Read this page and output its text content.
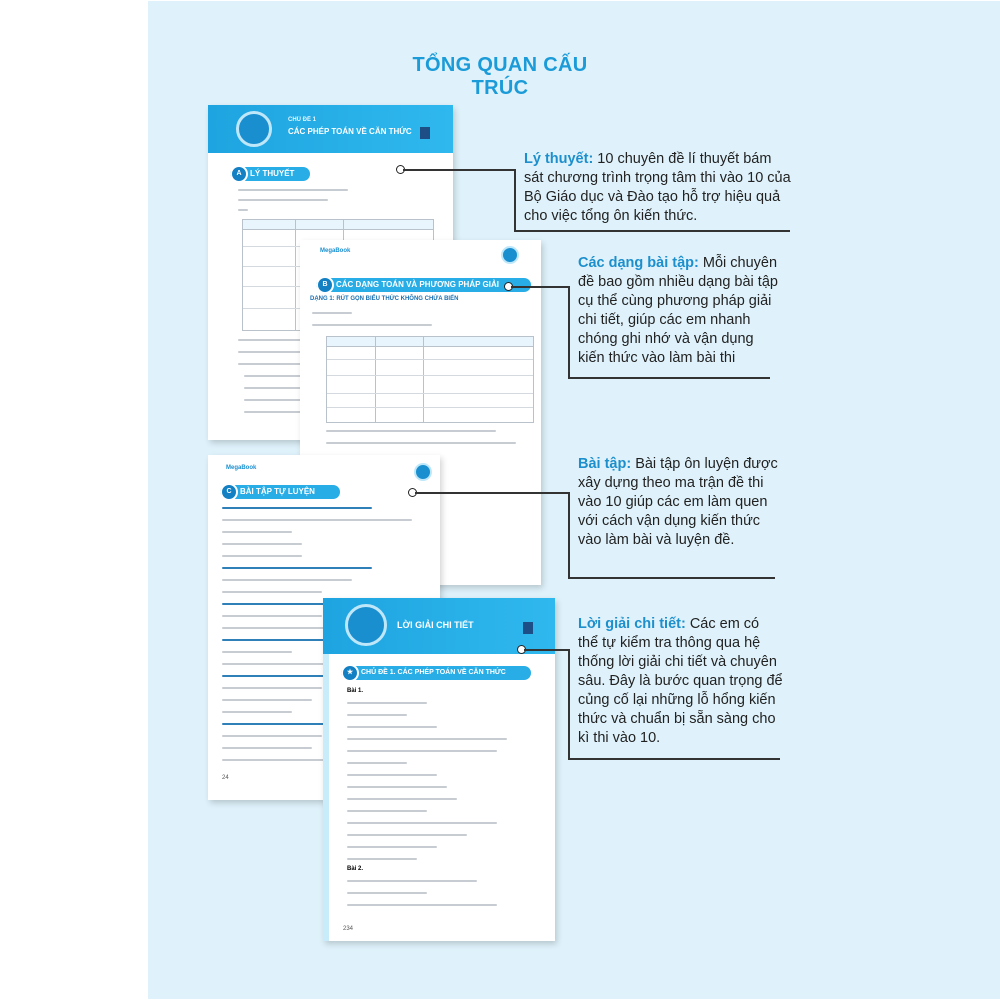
TỔNG QUAN CẤU TRÚC
CHỦ ĐỀ 1
CÁC PHÉP TOÁN VỀ CĂN THỨC
A	LÝ THUYẾT
MegaBook
B	CÁC DẠNG TOÁN VÀ PHƯƠNG PHÁP GIẢI
DẠNG 1: RÚT GỌN BIỂU THỨC KHÔNG CHỨA BIẾN
MegaBook
C	BÀI TẬP TỰ LUYỆN
24
LỜI GIẢI CHI TIẾT
★	CHỦ ĐỀ 1. CÁC PHÉP TOÁN VỀ CĂN THỨC
Bài 1.
Bài 2.
234
Lý thuyết: 10 chuyên đề lí thuyết bám sát chương trình trọng tâm thi vào 10 của Bộ Giáo dục và Đào tạo hỗ trợ hiệu quả cho việc tổng ôn kiến thức.
Các dạng bài tập: Mỗi chuyên đề bao gồm nhiều dạng bài tập cụ thể cùng phương pháp giải chi tiết, giúp các em nhanh chóng ghi nhớ và vận dụng kiến thức vào làm bài thi
Bài tập: Bài tập ôn luyện được xây dựng theo ma trận đề thi vào 10 giúp các em làm quen với cách vận dụng kiến thức vào làm bài và luyện đề.
Lời giải chi tiết: Các em có thể tự kiểm tra thông qua hệ thống lời giải chi tiết và chuyên sâu. Đây là bước quan trọng để củng cố lại những lỗ hổng kiến thức và chuẩn bị sẵn sàng cho kì thi vào 10.
